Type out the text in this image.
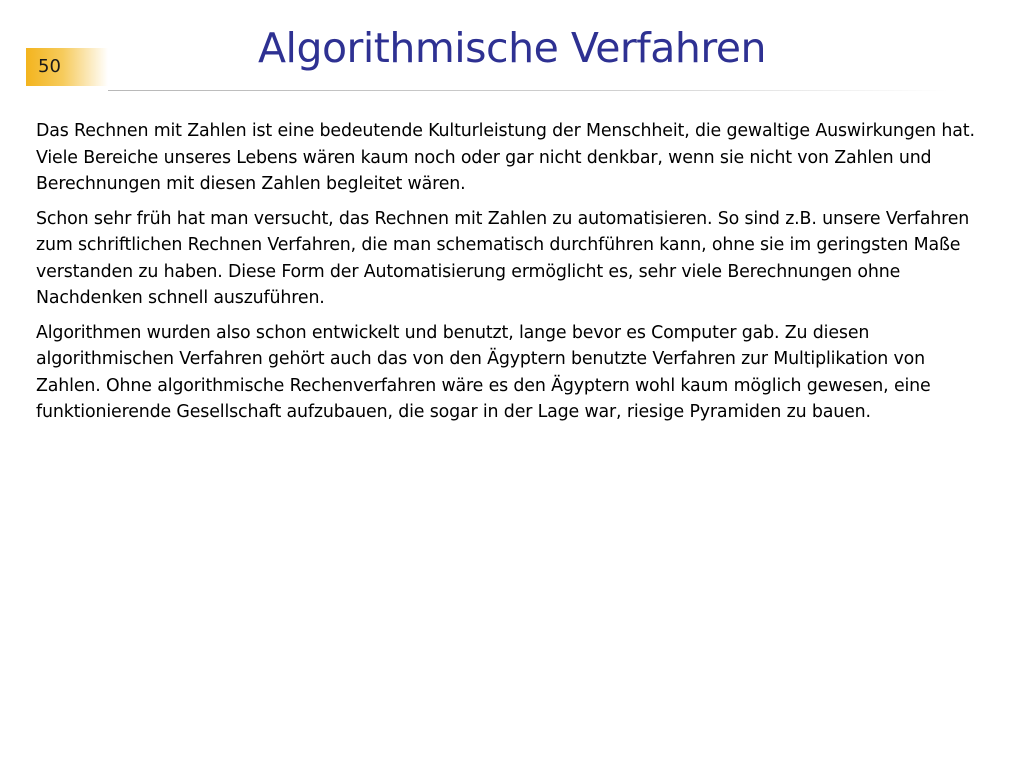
50	Algorithmische Verfahren

Das Rechnen mit Zahlen ist eine bedeutende Kulturleistung der Menschheit, die gewaltige Auswirkungen hat. Viele Bereiche unseres Lebens wären kaum noch oder gar nicht denkbar, wenn sie nicht von Zahlen und Berechnungen mit diesen Zahlen begleitet wären.

Schon sehr früh hat man versucht, das Rechnen mit Zahlen zu automatisieren. So sind z.B. unsere Verfahren zum schriftlichen Rechnen Verfahren, die man schematisch durchführen kann, ohne sie im geringsten Maße verstanden zu haben. Diese Form der Automatisierung ermöglicht es, sehr viele Berechnungen ohne Nachdenken schnell auszuführen.

Algorithmen wurden also schon entwickelt und benutzt, lange bevor es Computer gab. Zu diesen algorithmischen Verfahren gehört auch das von den Ägyptern benutzte Verfahren zur Multiplikation von Zahlen. Ohne algorithmische Rechenverfahren wäre es den Ägyptern wohl kaum möglich gewesen, eine funktionierende Gesellschaft aufzubauen, die sogar in der Lage war, riesige Pyramiden zu bauen.
